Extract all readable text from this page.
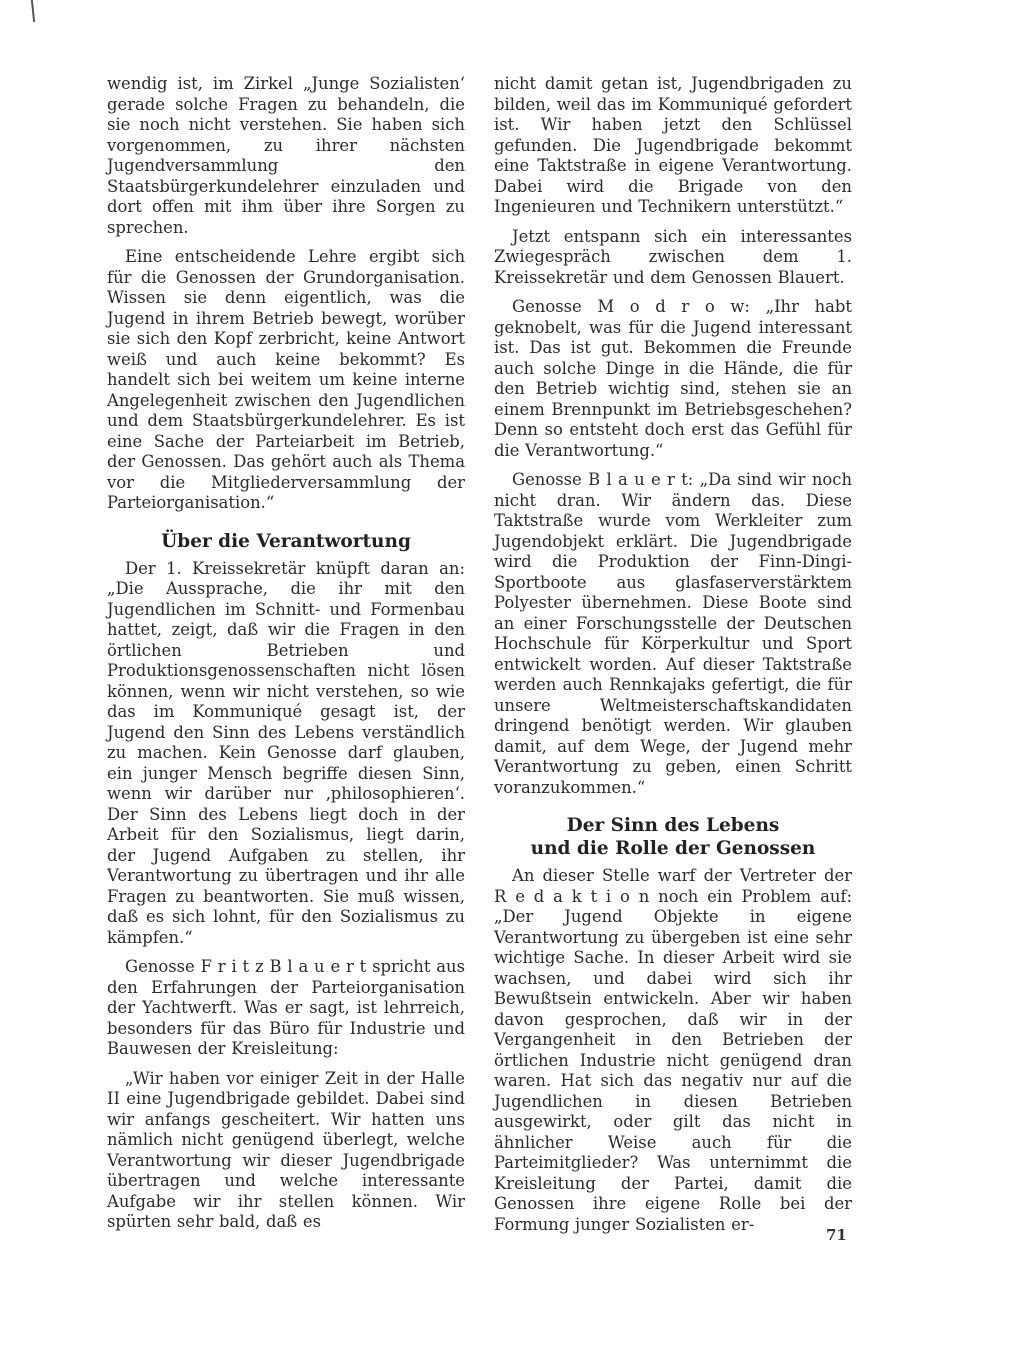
wendig ist, im Zirkel „Junge Sozialisten‘ gerade solche Fragen zu behandeln, die sie noch nicht verstehen. Sie haben sich vorgenommen, zu ihrer nächsten Jugendversammlung den Staatsbürgerkundelehrer einzuladen und dort offen mit ihm über ihre Sorgen zu sprechen.

Eine entscheidende Lehre ergibt sich für die Genossen der Grundorganisation. Wissen sie denn eigentlich, was die Jugend in ihrem Betrieb bewegt, worüber sie sich den Kopf zerbricht, keine Antwort weiß und auch keine bekommt? Es handelt sich bei weitem um keine interne Angelegenheit zwischen den Jugendlichen und dem Staatsbürgerkundelehrer. Es ist eine Sache der Parteiarbeit im Betrieb, der Genossen. Das gehört auch als Thema vor die Mitgliederversammlung der Parteiorganisation.“

Über die Verantwortung

Der 1. Kreissekretär knüpft daran an: „Die Aussprache, die ihr mit den Jugendlichen im Schnitt- und Formenbau hattet, zeigt, daß wir die Fragen in den örtlichen Betrieben und Produktionsgenossenschaften nicht lösen können, wenn wir nicht verstehen, so wie das im Kommuniqué gesagt ist, der Jugend den Sinn des Lebens verständlich zu machen. Kein Genosse darf glauben, ein junger Mensch begriffe diesen Sinn, wenn wir darüber nur ‚philosophieren‘. Der Sinn des Lebens liegt doch in der Arbeit für den Sozialismus, liegt darin, der Jugend Aufgaben zu stellen, ihr Verantwortung zu übertragen und ihr alle Fragen zu beantworten. Sie muß wissen, daß es sich lohnt, für den Sozialismus zu kämpfen.“

Genosse F r i t z B l a u e r t spricht aus den Erfahrungen der Parteiorganisation der Yachtwerft. Was er sagt, ist lehrreich, besonders für das Büro für Industrie und Bauwesen der Kreisleitung:

„Wir haben vor einiger Zeit in der Halle II eine Jugendbrigade gebildet. Dabei sind wir anfangs gescheitert. Wir hatten uns nämlich nicht genügend überlegt, welche Verantwortung wir dieser Jugendbrigade übertragen und welche interessante Aufgabe wir ihr stellen können. Wir spürten sehr bald, daß es

nicht damit getan ist, Jugendbrigaden zu bilden, weil das im Kommuniqué gefordert ist. Wir haben jetzt den Schlüssel gefunden. Die Jugendbrigade bekommt eine Taktstraße in eigene Verantwortung. Dabei wird die Brigade von den Ingenieuren und Technikern unterstützt.“

Jetzt entspann sich ein interessantes Zwiegespräch zwischen dem 1. Kreissekretär und dem Genossen Blauert.

Genosse M o d r o w: „Ihr habt geknobelt, was für die Jugend interessant ist. Das ist gut. Bekommen die Freunde auch solche Dinge in die Hände, die für den Betrieb wichtig sind, stehen sie an einem Brennpunkt im Betriebsgeschehen? Denn so entsteht doch erst das Gefühl für die Verantwortung.“

Genosse B l a u e r t: „Da sind wir noch nicht dran. Wir ändern das. Diese Taktstraße wurde vom Werkleiter zum Jugendobjekt erklärt. Die Jugendbrigade wird die Produktion der Finn-Dingi-Sportboote aus glasfaserverstärktem Polyester übernehmen. Diese Boote sind an einer Forschungsstelle der Deutschen Hochschule für Körperkultur und Sport entwickelt worden. Auf dieser Taktstraße werden auch Rennkajaks gefertigt, die für unsere Weltmeisterschaftskandidaten dringend benötigt werden. Wir glauben damit, auf dem Wege, der Jugend mehr Verantwortung zu geben, einen Schritt voranzukommen.“

Der Sinn des Lebens
und die Rolle der Genossen

An dieser Stelle warf der Vertreter der R e d a k t i o n noch ein Problem auf: „Der Jugend Objekte in eigene Verantwortung zu übergeben ist eine sehr wichtige Sache. In dieser Arbeit wird sie wachsen, und dabei wird sich ihr Bewußtsein entwickeln. Aber wir haben davon gesprochen, daß wir in der Vergangenheit in den Betrieben der örtlichen Industrie nicht genügend dran waren. Hat sich das negativ nur auf die Jugendlichen in diesen Betrieben ausgewirkt, oder gilt das nicht in ähnlicher Weise auch für die Parteimitglieder? Was unternimmt die Kreisleitung der Partei, damit die Genossen ihre eigene Rolle bei der Formung junger Sozialisten er-

71
